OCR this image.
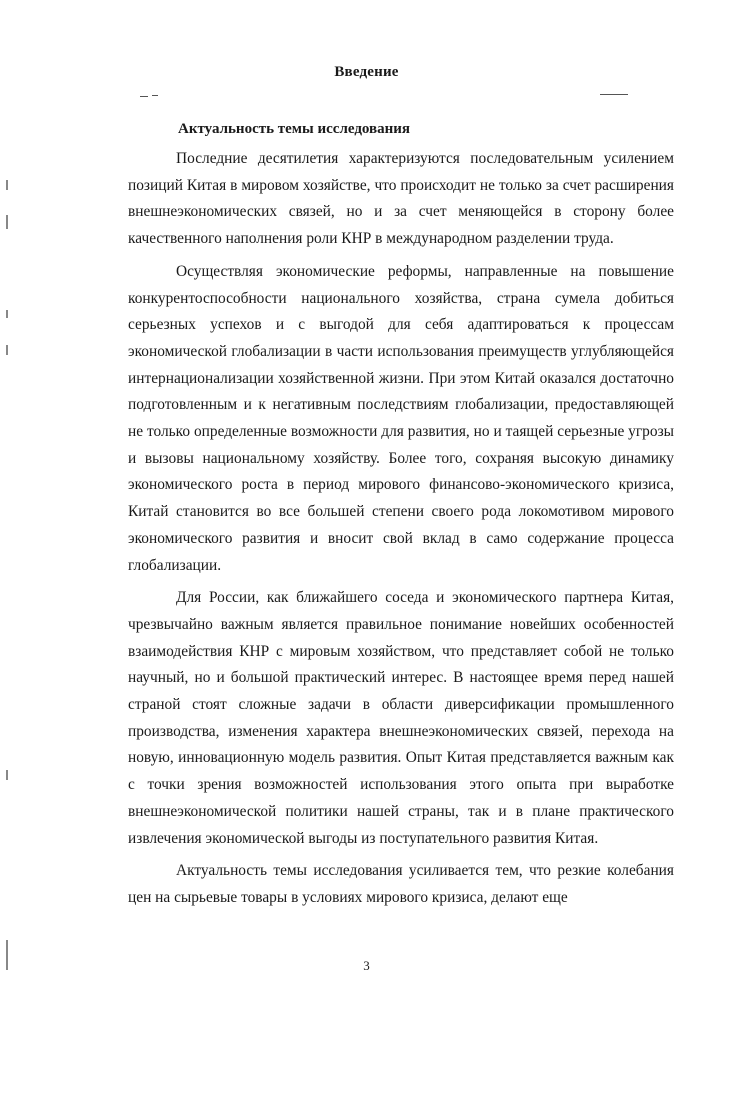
Введение
Актуальность темы исследования

Последние десятилетия характеризуются последовательным усилением позиций Китая в мировом хозяйстве, что происходит не только за счет расширения внешнеэкономических связей, но и за счет меняющейся в сторону более качественного наполнения роли КНР в международном разделении труда.

Осуществляя экономические реформы, направленные на повышение конкурентоспособности национального хозяйства, страна сумела добиться серьезных успехов и с выгодой для себя адаптироваться к процессам экономической глобализации в части использования преимуществ углубляющейся интернационализации хозяйственной жизни. При этом Китай оказался достаточно подготовленным и к негативным последствиям глобализации, предоставляющей не только определенные возможности для развития, но и таящей серьезные угрозы и вызовы национальному хозяйству. Более того, сохраняя высокую динамику экономического роста в период мирового финансово-экономического кризиса, Китай становится во все большей степени своего рода локомотивом мирового экономического развития и вносит свой вклад в само содержание процесса глобализации.

Для России, как ближайшего соседа и экономического партнера Китая, чрезвычайно важным является правильное понимание новейших особенностей взаимодействия КНР с мировым хозяйством, что представляет собой не только научный, но и большой практический интерес. В настоящее время перед нашей страной стоят сложные задачи в области диверсификации промышленного производства, изменения характера внешнеэкономических связей, перехода на новую, инновационную модель развития. Опыт Китая представляется важным как с точки зрения возможностей использования этого опыта при выработке внешнеэкономической политики нашей страны, так и в плане практического извлечения экономической выгоды из поступательного развития Китая.

Актуальность темы исследования усиливается тем, что резкие колебания цен на сырьевые товары в условиях мирового кризиса, делают еще

3
